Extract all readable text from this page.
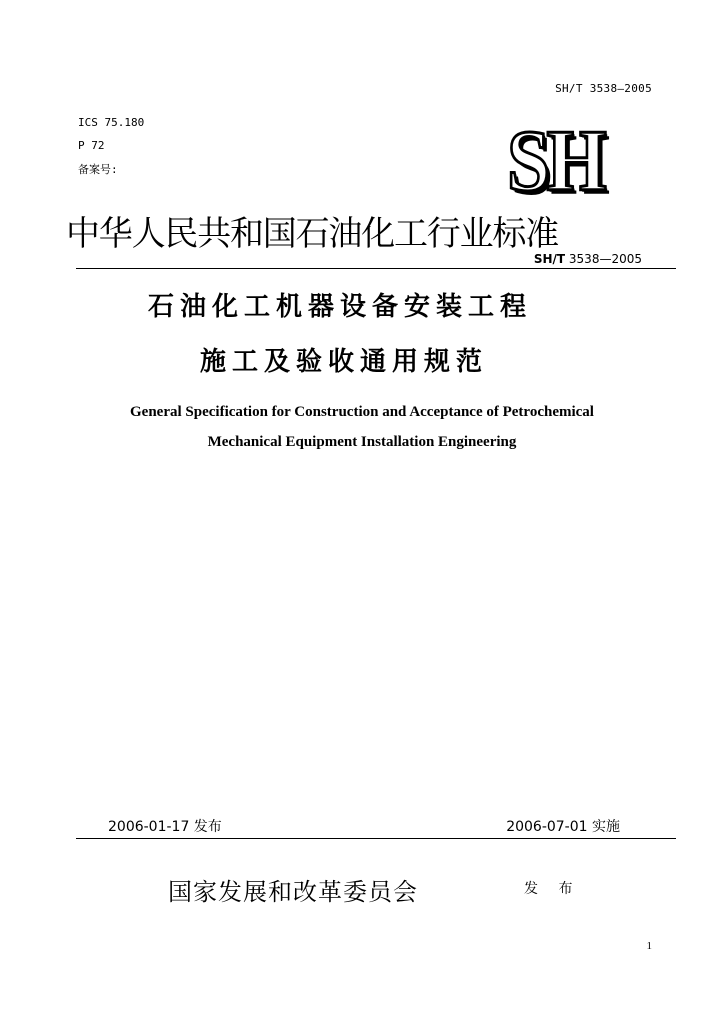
SH/T 3538—2005
ICS 75.180
P 72
备案号:	SH
中华人民共和国石油化工行业标准
SH/T 3538—2005
石油化工机器设备安装工程
施工及验收通用规范
General Specification for Construction and Acceptance of Petrochemical
Mechanical Equipment Installation Engineering
2006-01-17 发布	2006-07-01 实施
国家发展和改革委员会	发 布
1
